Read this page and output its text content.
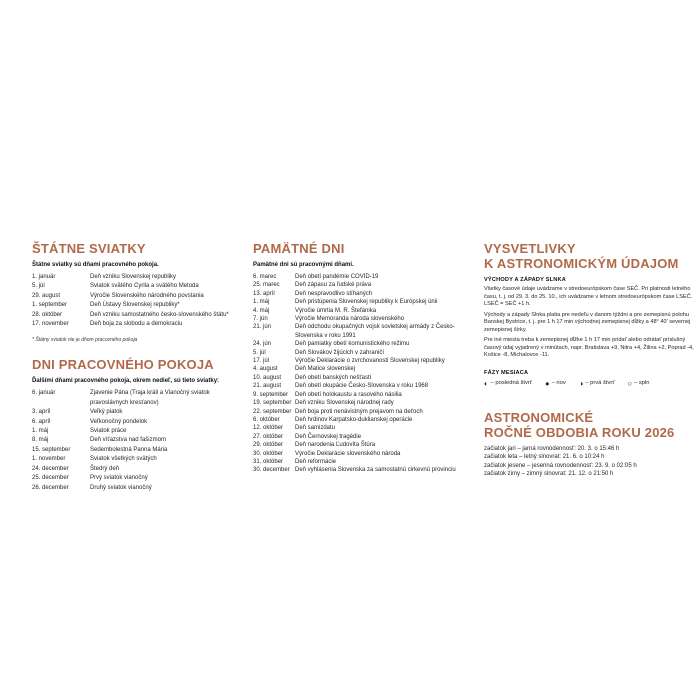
ŠTÁTNE SVIATKY

Štátne sviatky sú dňami pracovného pokoja.

1. január	Deň vzniku Slovenskej republiky
5. júl	Sviatok svätého Cyrila a svätého Metoda
29. august	Výročie Slovenského národného povstania
1. september	Deň Ústavy Slovenskej republiky*
28. október	Deň vzniku samostatného česko-slovenského štátu*
17. november	Deň boja za slobodu a demokraciu

* Štátny sviatok nie je dňom pracovného pokoja

DNI PRACOVNÉHO POKOJA

Ďalšími dňami pracovného pokoja, okrem nedieľ, sú tieto sviatky:

6. január	Zjavenie Pána (Traja králi a Vianočný sviatok pravoslávnych kresťanov)
3. apríl	Veľký piatok
6. apríl	Veľkonočný pondelok
1. máj	Sviatok práce
8. máj	Deň víťazstva nad fašizmom
15. september	Sedembolestná Panna Mária
1. november	Sviatok všetkých svätých
24. december	Štedrý deň
25. december	Prvý sviatok vianočný
26. december	Druhý sviatok vianočný
PAMÄTNÉ DNI

Pamätné dni sú pracovnými dňami.

6. marec	Deň obetí pandémie COVID-19
25. marec	Deň zápasu za ľudské práva
13. apríl	Deň nespravodlivo stíhaných
1. máj	Deň pristúpenia Slovenskej republiky k Európskej únii
4. máj	Výročie úmrtia M. R. Štefánika
7. jún	Výročie Memoranda národa slovenského
21. jún	Deň odchodu okupačných vojsk sovietskej armády z Česko-Slovenska v roku 1991
24. jún	Deň pamiatky obetí komunistického režimu
5. júl	Deň Slovákov žijúcich v zahraničí
17. júl	Výročie Deklarácie o zvrchovanosti Slovenskej republiky
4. august	Deň Matice slovenskej
10. august	Deň obetí banských nešťastí
21. august	Deň obetí okupácie Česko-Slovenska v roku 1968
9. september	Deň obetí holokaustu a rasového násilia
19. september Deň vzniku Slovenskej národnej rady
22. september Deň boja proti nenávistným prejavom na deťoch
6. október	Deň hrdinov Karpatsko-duklianskej operácie
12. október	Deň samizdatu
27. október	Deň Černovskej tragédie
29. október	Deň narodenia Ľudovíta Štúra
30. október	Výročie Deklarácie slovenského národa
31. október	Deň reformácie
30. december Deň vyhlásenia Slovenska za samostatnú cirkevnú provinciu
VYSVETLIVKY
K ASTRONOMICKÝM ÚDAJOM
VÝCHODY A ZÁPADY SLNKA

Všetky časové údaje uvádzame v stredoeurópskom čase SEČ. Pri platnosti letného času, t. j. od 29. 3. do 25. 10., ich uvádzame v letnom stredoeurópskom čase LSEČ. LSEČ = SEČ +1 h.

Východy a západy Slnka platia pre nedeľu v danom týždni a pre zemepisnú polohu Banskej Bystrice, t. j. pre 1 h 17 min východnej zemepisnej dĺžky a 48° 40' severnej zemepisnej šírky.

Pre iné miesta treba k zemepisnej dĺžke 1 h 17 min pridať alebo odrátať príslušný časový údaj vyjadrený v minútach, napr. Bratislava +9, Nitra +4, Žilina +2, Poprad -4, Košice -8, Michalovce -11.

FÁZY MESIACA
◐ – posledná štvrť ● – nov ◑ – prvá štvrť ○ – spln
ASTRONOMICKÉ
ROČNÉ OBDOBIA ROKU 2026
začiatok jari – jarná rovnodennosť: 20. 3. o 15:46 h
začiatok leta – letný slnovrat: 21. 6. o 10:24 h
začiatok jesene – jesenná rovnodennosť: 23. 9. o 02:05 h
začiatok zimy – zimný slnovrat: 21. 12. o 21:50 h
